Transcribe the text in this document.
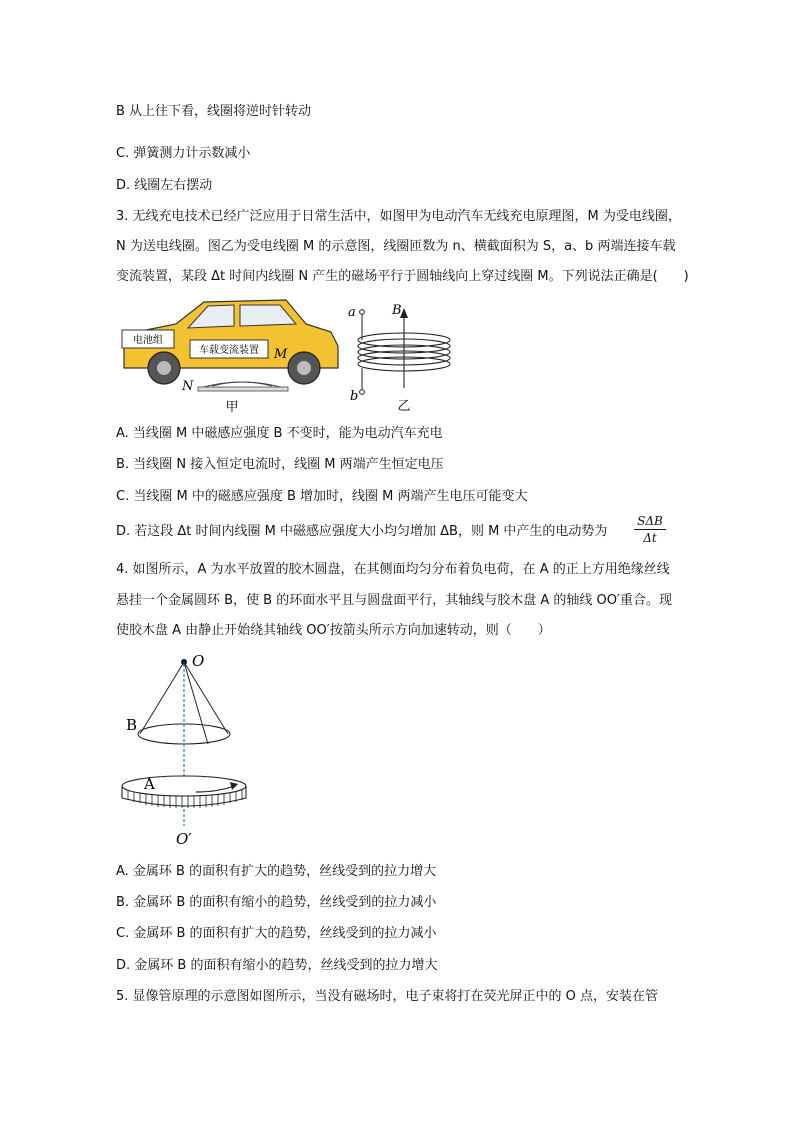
B 从上往下看，线圈将逆时针转动
C. 弹簧测力计示数减小
D. 线圈左右摆动
3. 无线充电技术已经广泛应用于日常生活中，如图甲为电动汽车无线充电原理图，M 为受电线圈，
N 为送电线圈。图乙为受电线圈 M 的示意图，线圈匝数为 n、横截面积为 S，a、b 两端连接车载
变流装置，某段 Δt 时间内线圈 N 产生的磁场平行于圆轴线向上穿过线圈 M。下列说法正确是(　　)
电池组
车载变流装置 M
N
甲
a
b
B
乙
A. 当线圈 M 中磁感应强度 B 不变时，能为电动汽车充电
B. 当线圈 N 接入恒定电流时，线圈 M 两端产生恒定电压
C. 当线圈 M 中的磁感应强度 B 增加时，线圈 M 两端产生电压可能变大
D. 若这段 Δt 时间内线圈 M 中磁感应强度大小均匀增加 ΔB，则 M 中产生的电动势为
SΔB
Δt
4. 如图所示，A 为水平放置的胶木圆盘，在其侧面均匀分布着负电荷，在 A 的正上方用绝缘丝线
悬挂一个金属圆环 B，使 B 的环面水平且与圆盘面平行，其轴线与胶木盘 A 的轴线 OO′重合。现
使胶木盘 A 由静止开始绕其轴线 OO′按箭头所示方向加速转动，则（　　）
O
B
A
O′
A. 金属环 B 的面积有扩大的趋势，丝线受到的拉力增大
B. 金属环 B 的面积有缩小的趋势，丝线受到的拉力减小
C. 金属环 B 的面积有扩大的趋势，丝线受到的拉力减小
D. 金属环 B 的面积有缩小的趋势，丝线受到的拉力增大
5. 显像管原理的示意图如图所示，当没有磁场时，电子束将打在荧光屏正中的 O 点，安装在管
